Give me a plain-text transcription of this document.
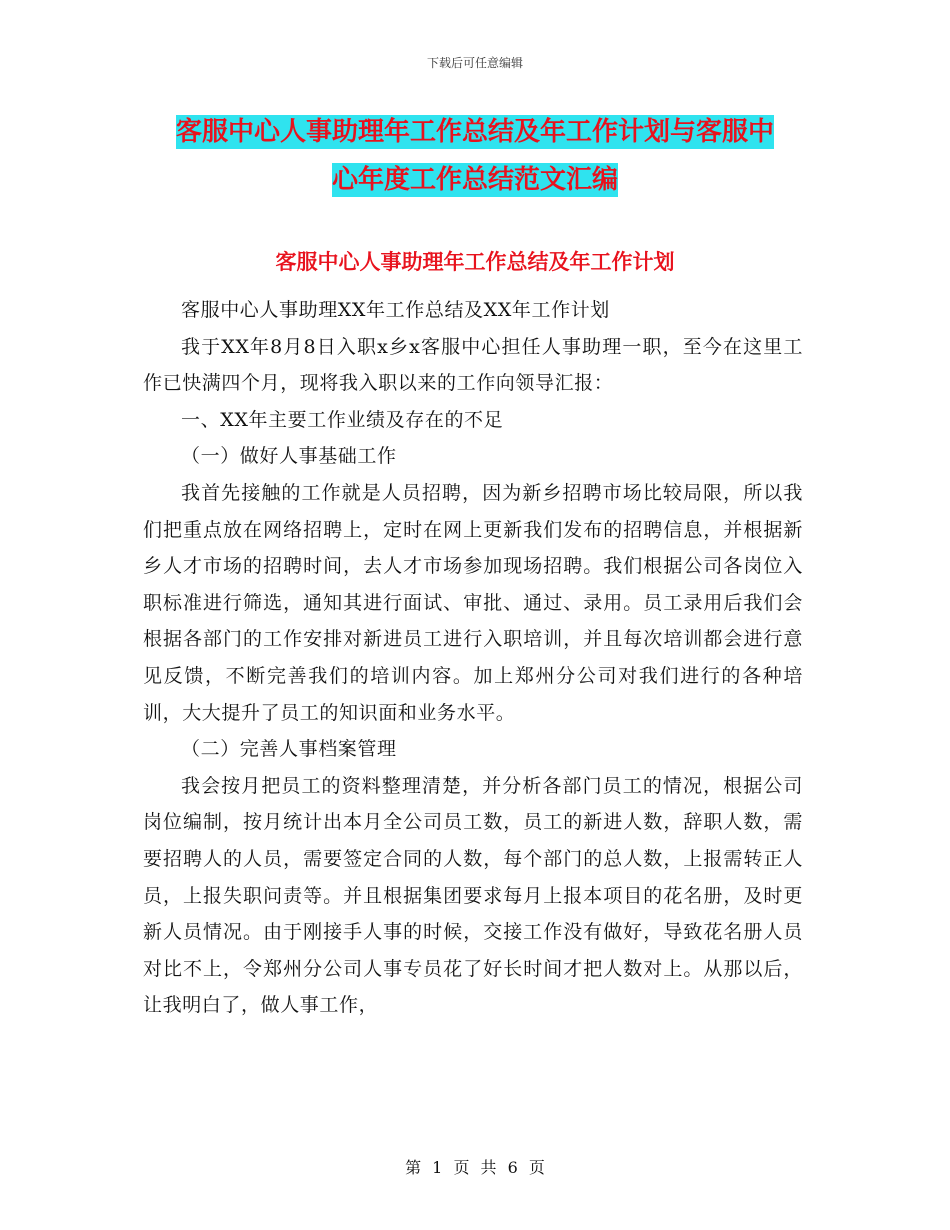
下载后可任意编辑
客服中心人事助理年工作总结及年工作计划与客服中
心年度工作总结范文汇编
客服中心人事助理年工作总结及年工作计划

客服中心人事助理XX年工作总结及XX年工作计划

我于XX年8月8日入职x乡x客服中心担任人事助理一职，至今在这里工作已快满四个月，现将我入职以来的工作向领导汇报：

一、XX年主要工作业绩及存在的不足

（一）做好人事基础工作

我首先接触的工作就是人员招聘，因为新乡招聘市场比较局限，所以我们把重点放在网络招聘上，定时在网上更新我们发布的招聘信息，并根据新乡人才市场的招聘时间，去人才市场参加现场招聘。我们根据公司各岗位入职标准进行筛选，通知其进行面试、审批、通过、录用。员工录用后我们会根据各部门的工作安排对新进员工进行入职培训，并且每次培训都会进行意见反馈，不断完善我们的培训内容。加上郑州分公司对我们进行的各种培训，大大提升了员工的知识面和业务水平。

（二）完善人事档案管理

我会按月把员工的资料整理清楚，并分析各部门员工的情况，根据公司岗位编制，按月统计出本月全公司员工数，员工的新进人数，辞职人数，需要招聘人的人员，需要签定合同的人数，每个部门的总人数，上报需转正人员，上报失职问责等。并且根据集团要求每月上报本项目的花名册，及时更新人员情况。由于刚接手人事的时候，交接工作没有做好，导致花名册人员对比不上，令郑州分公司人事专员花了好长时间才把人数对上。从那以后，让我明白了，做人事工作，

第 1 页 共 6 页
